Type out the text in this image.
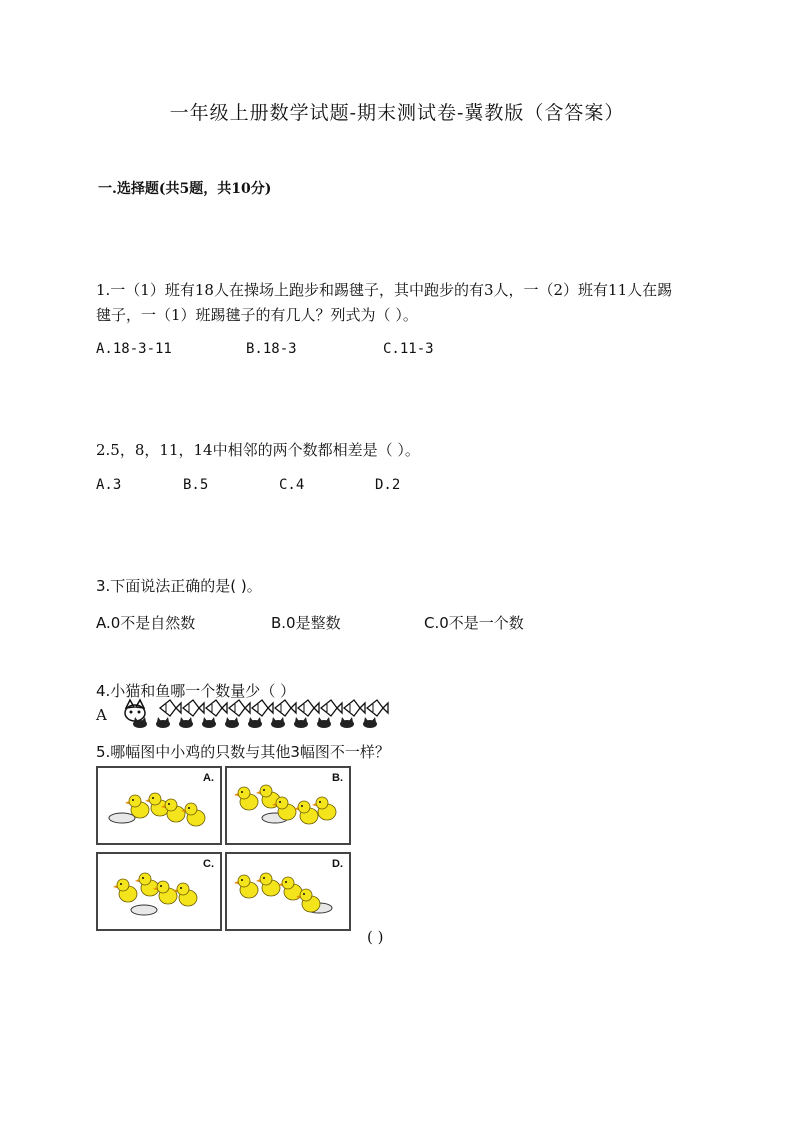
一年级上册数学试题-期末测试卷-冀教版（含答案）
一.选择题(共5题，共10分)
1.一（1）班有18人在操场上跑步和踢毽子，其中跑步的有3人，一（2）班有11人在踢
毽子，一（1）班踢毽子的有几人？列式为（ ）。
A.18-3-11	B.18-3	C.11-3
2.5，8，11，14中相邻的两个数都相差是（ ）。
A.3	B.5	C.4	D.2
3.下面说法正确的是( )。
A.0不是自然数	B.0是整数	C.0不是一个数
4.小猫和鱼哪一个数量少（ ）
A
5.哪幅图中小鸡的只数与其他3幅图不一样？
A.	B.
C.	D.
( )
